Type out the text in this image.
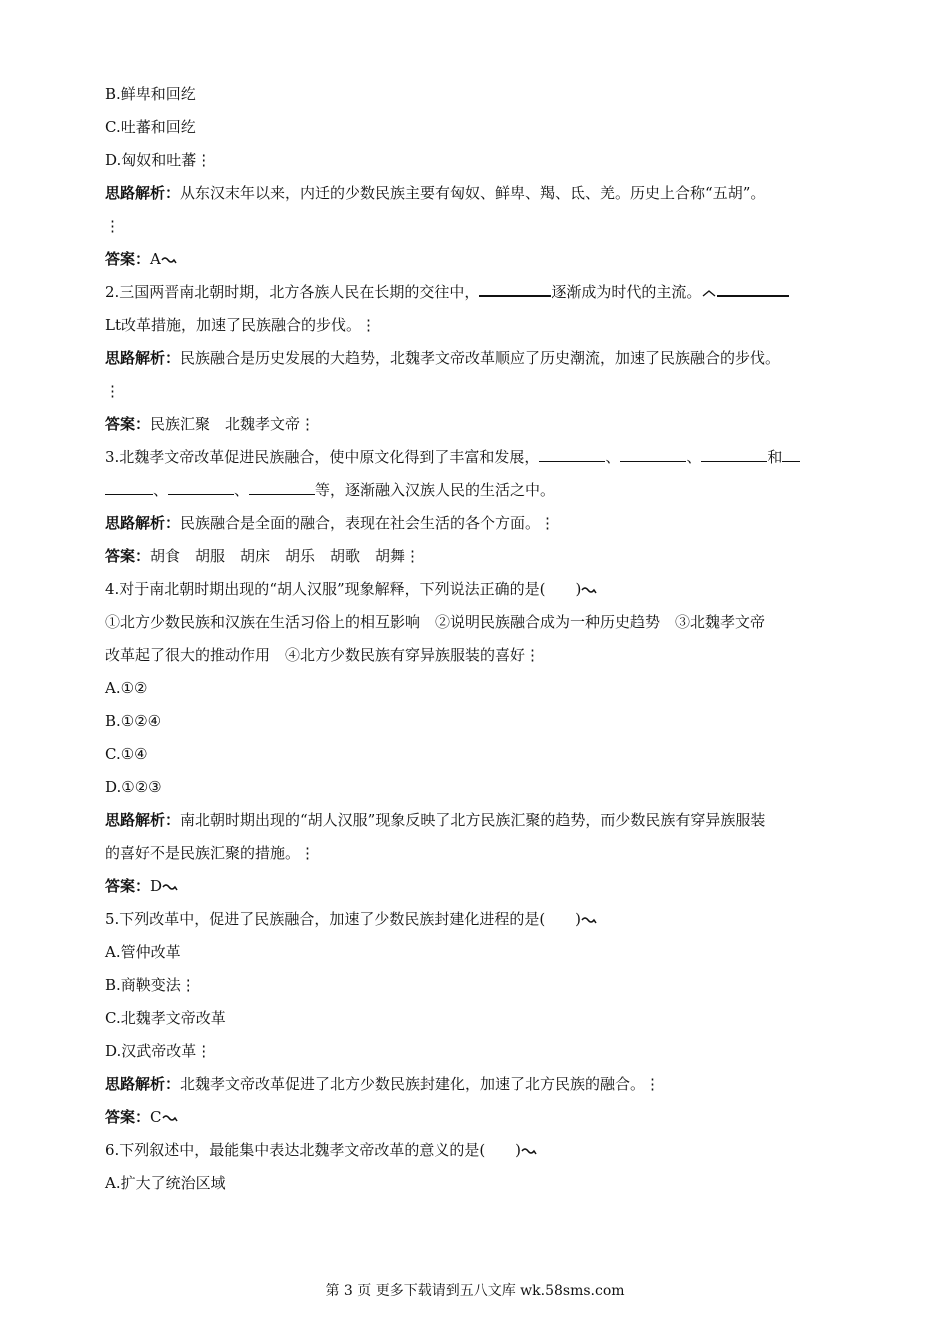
B.鲜卑和回纥
C.吐蕃和回纥
D.匈奴和吐蕃⋮
思路解析：从东汉末年以来，内迁的少数民族主要有匈奴、鲜卑、羯、氐、羌。历史上合称“五胡”。
⋮
答案：A
2.三国两晋南北朝时期，北方各族人民在长期的交往中，	逐渐成为时代的主流。
Lt改革措施，加速了民族融合的步伐。⋮
思路解析：民族融合是历史发展的大趋势，北魏孝文帝改革顺应了历史潮流，加速了民族融合的步伐。
⋮
答案：民族汇聚　北魏孝文帝⋮
3.北魏孝文帝改革促进民族融合，使中原文化得到了丰富和发展，	、	、	和
、	、	等，逐渐融入汉族人民的生活之中。
思路解析：民族融合是全面的融合，表现在社会生活的各个方面。⋮
答案：胡食　胡服　胡床　胡乐　胡歌　胡舞⋮
4.对于南北朝时期出现的“胡人汉服”现象解释，下列说法正确的是(　　)
①北方少数民族和汉族在生活习俗上的相互影响　②说明民族融合成为一种历史趋势　③北魏孝文帝
改革起了很大的推动作用　④北方少数民族有穿异族服装的喜好⋮
A.①②
B.①②④
C.①④
D.①②③
思路解析：南北朝时期出现的“胡人汉服”现象反映了北方民族汇聚的趋势，而少数民族有穿异族服装
的喜好不是民族汇聚的措施。⋮
答案：D
5.下列改革中，促进了民族融合，加速了少数民族封建化进程的是(　　)
A.管仲改革
B.商鞅变法⋮
C.北魏孝文帝改革
D.汉武帝改革⋮
思路解析：北魏孝文帝改革促进了北方少数民族封建化，加速了北方民族的融合。⋮
答案：C
6.下列叙述中，最能集中表达北魏孝文帝改革的意义的是(　　)
A.扩大了统治区域
第 3 页 更多下载请到五八文库 wk.58sms.com
